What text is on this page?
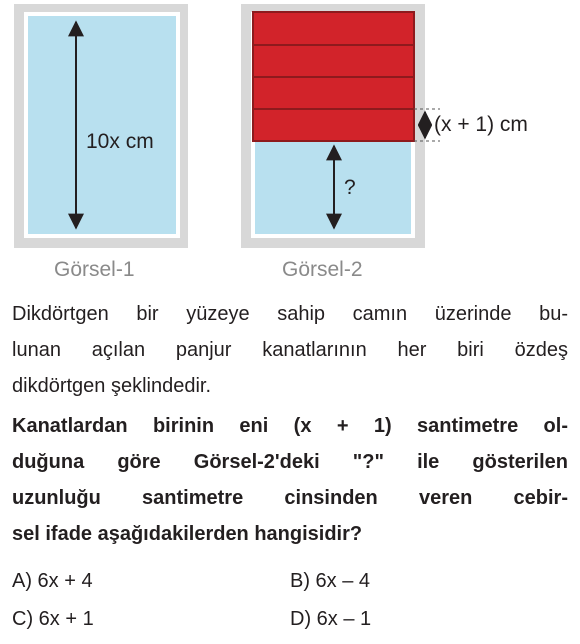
10x cm
(x + 1) cm
?
Görsel-1	Görsel-2
Dikdörtgen bir yüzeye sahip camın üzerinde bu-
lunan açılan panjur kanatlarının her biri özdeş
dikdörtgen şeklindedir.
Kanatlardan birinin eni (x + 1) santimetre ol-
duğuna göre Görsel-2'deki "?" ile gösterilen
uzunluğu santimetre cinsinden veren cebir-
sel ifade aşağıdakilerden hangisidir?
A) 6x + 4	B) 6x – 4
C) 6x + 1	D) 6x – 1
